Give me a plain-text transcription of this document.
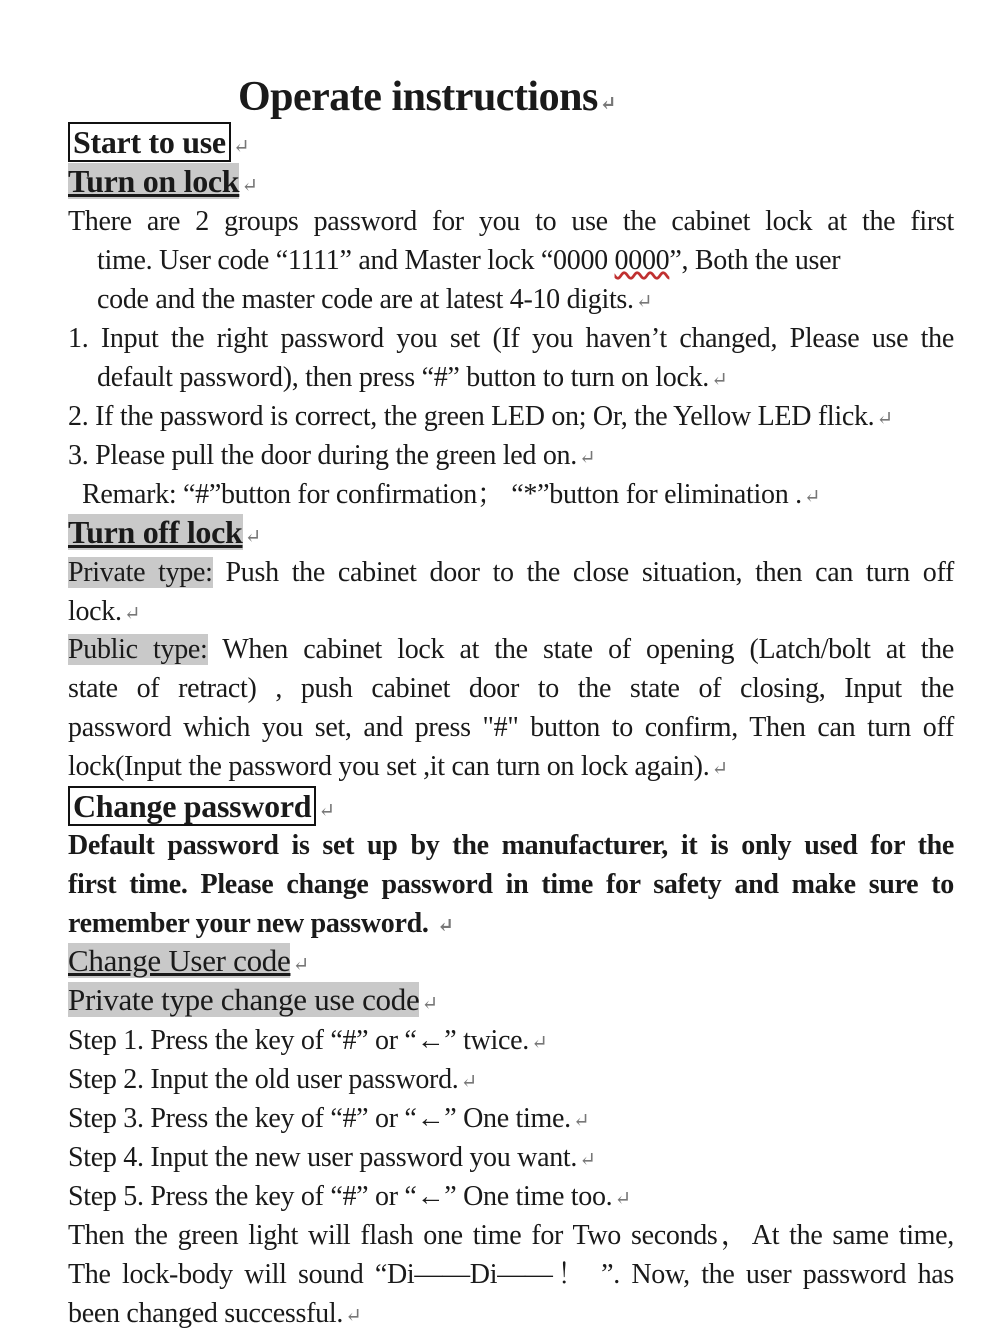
Operate instructions ↵
Start to use ↵
Turn on lock ↵
There are 2 groups password for you to use the cabinet lock at the first
time. User code “1111” and Master lock “0000 0000”, Both the user
code and the master code are at latest 4-10 digits. ↵
1. Input the right password you set (If you haven’t changed, Please use the
default password), then press “#” button to turn on lock. ↵
2. If the password is correct, the green LED on; Or, the Yellow LED flick. ↵
3. Please pull the door during the green led on. ↵
Remark: “#”button for confirmation； “*”button for elimination . ↵
Turn off lock ↵
Private type: Push the cabinet door to the close situation, then can turn off
lock. ↵
Public type: When cabinet lock at the state of opening (Latch/bolt at the
state of retract) , push cabinet door to the state of closing, Input the
password which you set, and press "#" button to confirm, Then can turn off
lock(Input the password you set ,it can turn on lock again). ↵
Change password ↵
Default password is set up by the manufacturer, it is only used for the
first time. Please change password in time for safety and make sure to
remember your new password. ↵
Change User code ↵
Private type change use code ↵
Step 1. Press the key of “#” or “←” twice. ↵
Step 2. Input the old user password. ↵
Step 3. Press the key of “#” or “←” One time. ↵
Step 4. Input the new user password you want. ↵
Step 5. Press the key of “#” or “←” One time too. ↵
Then the green light will flash one time for Two seconds，At the same time,
The lock-body will sound “Di——Di——！ ”. Now, the user password has
been changed successful. ↵
